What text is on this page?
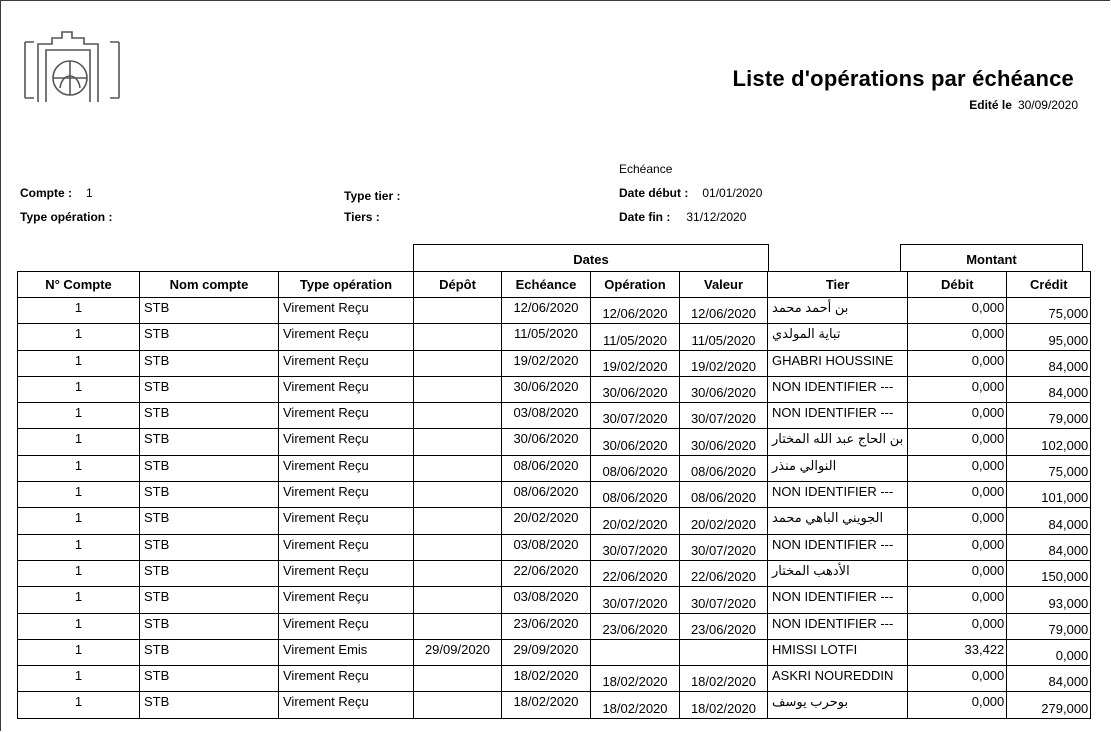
Liste d'opérations par échéance
Edité le 30/09/2020
Echéance
Compte : 1
Type opération :
Type tier :
Tiers :
Date début : 01/01/2020
Date fin : 31/12/2020
Dates	Montant
N° Compte	Nom compte	Type opération	Dépôt	Echéance	Opération	Valeur	Tier	Débit	Crédit
1	STB	Virement Reçu		12/06/2020	12/06/2020	12/06/2020	بن أحمد محمد	0,000	75,000
1	STB	Virement Reçu		11/05/2020	11/05/2020	11/05/2020	تباية المولدي	0,000	95,000
1	STB	Virement Reçu		19/02/2020	19/02/2020	19/02/2020	GHABRI HOUSSINE	0,000	84,000
1	STB	Virement Reçu		30/06/2020	30/06/2020	30/06/2020	NON IDENTIFIER ---	0,000	84,000
1	STB	Virement Reçu		03/08/2020	30/07/2020	30/07/2020	NON IDENTIFIER ---	0,000	79,000
1	STB	Virement Reçu		30/06/2020	30/06/2020	30/06/2020	بن الحاج عبد الله المختار	0,000	102,000
1	STB	Virement Reçu		08/06/2020	08/06/2020	08/06/2020	النوالي منذر	0,000	75,000
1	STB	Virement Reçu		08/06/2020	08/06/2020	08/06/2020	NON IDENTIFIER ---	0,000	101,000
1	STB	Virement Reçu		20/02/2020	20/02/2020	20/02/2020	الجويني الباهي محمد	0,000	84,000
1	STB	Virement Reçu		03/08/2020	30/07/2020	30/07/2020	NON IDENTIFIER ---	0,000	84,000
1	STB	Virement Reçu		22/06/2020	22/06/2020	22/06/2020	الأدهب المختار	0,000	150,000
1	STB	Virement Reçu		03/08/2020	30/07/2020	30/07/2020	NON IDENTIFIER ---	0,000	93,000
1	STB	Virement Reçu		23/06/2020	23/06/2020	23/06/2020	NON IDENTIFIER ---	0,000	79,000
1	STB	Virement Emis	29/09/2020	29/09/2020			HMISSI LOTFI	33,422	0,000
1	STB	Virement Reçu		18/02/2020	18/02/2020	18/02/2020	ASKRI NOUREDDIN	0,000	84,000
1	STB	Virement Reçu		18/02/2020	18/02/2020	18/02/2020	بوحرب يوسف	0,000	279,000
